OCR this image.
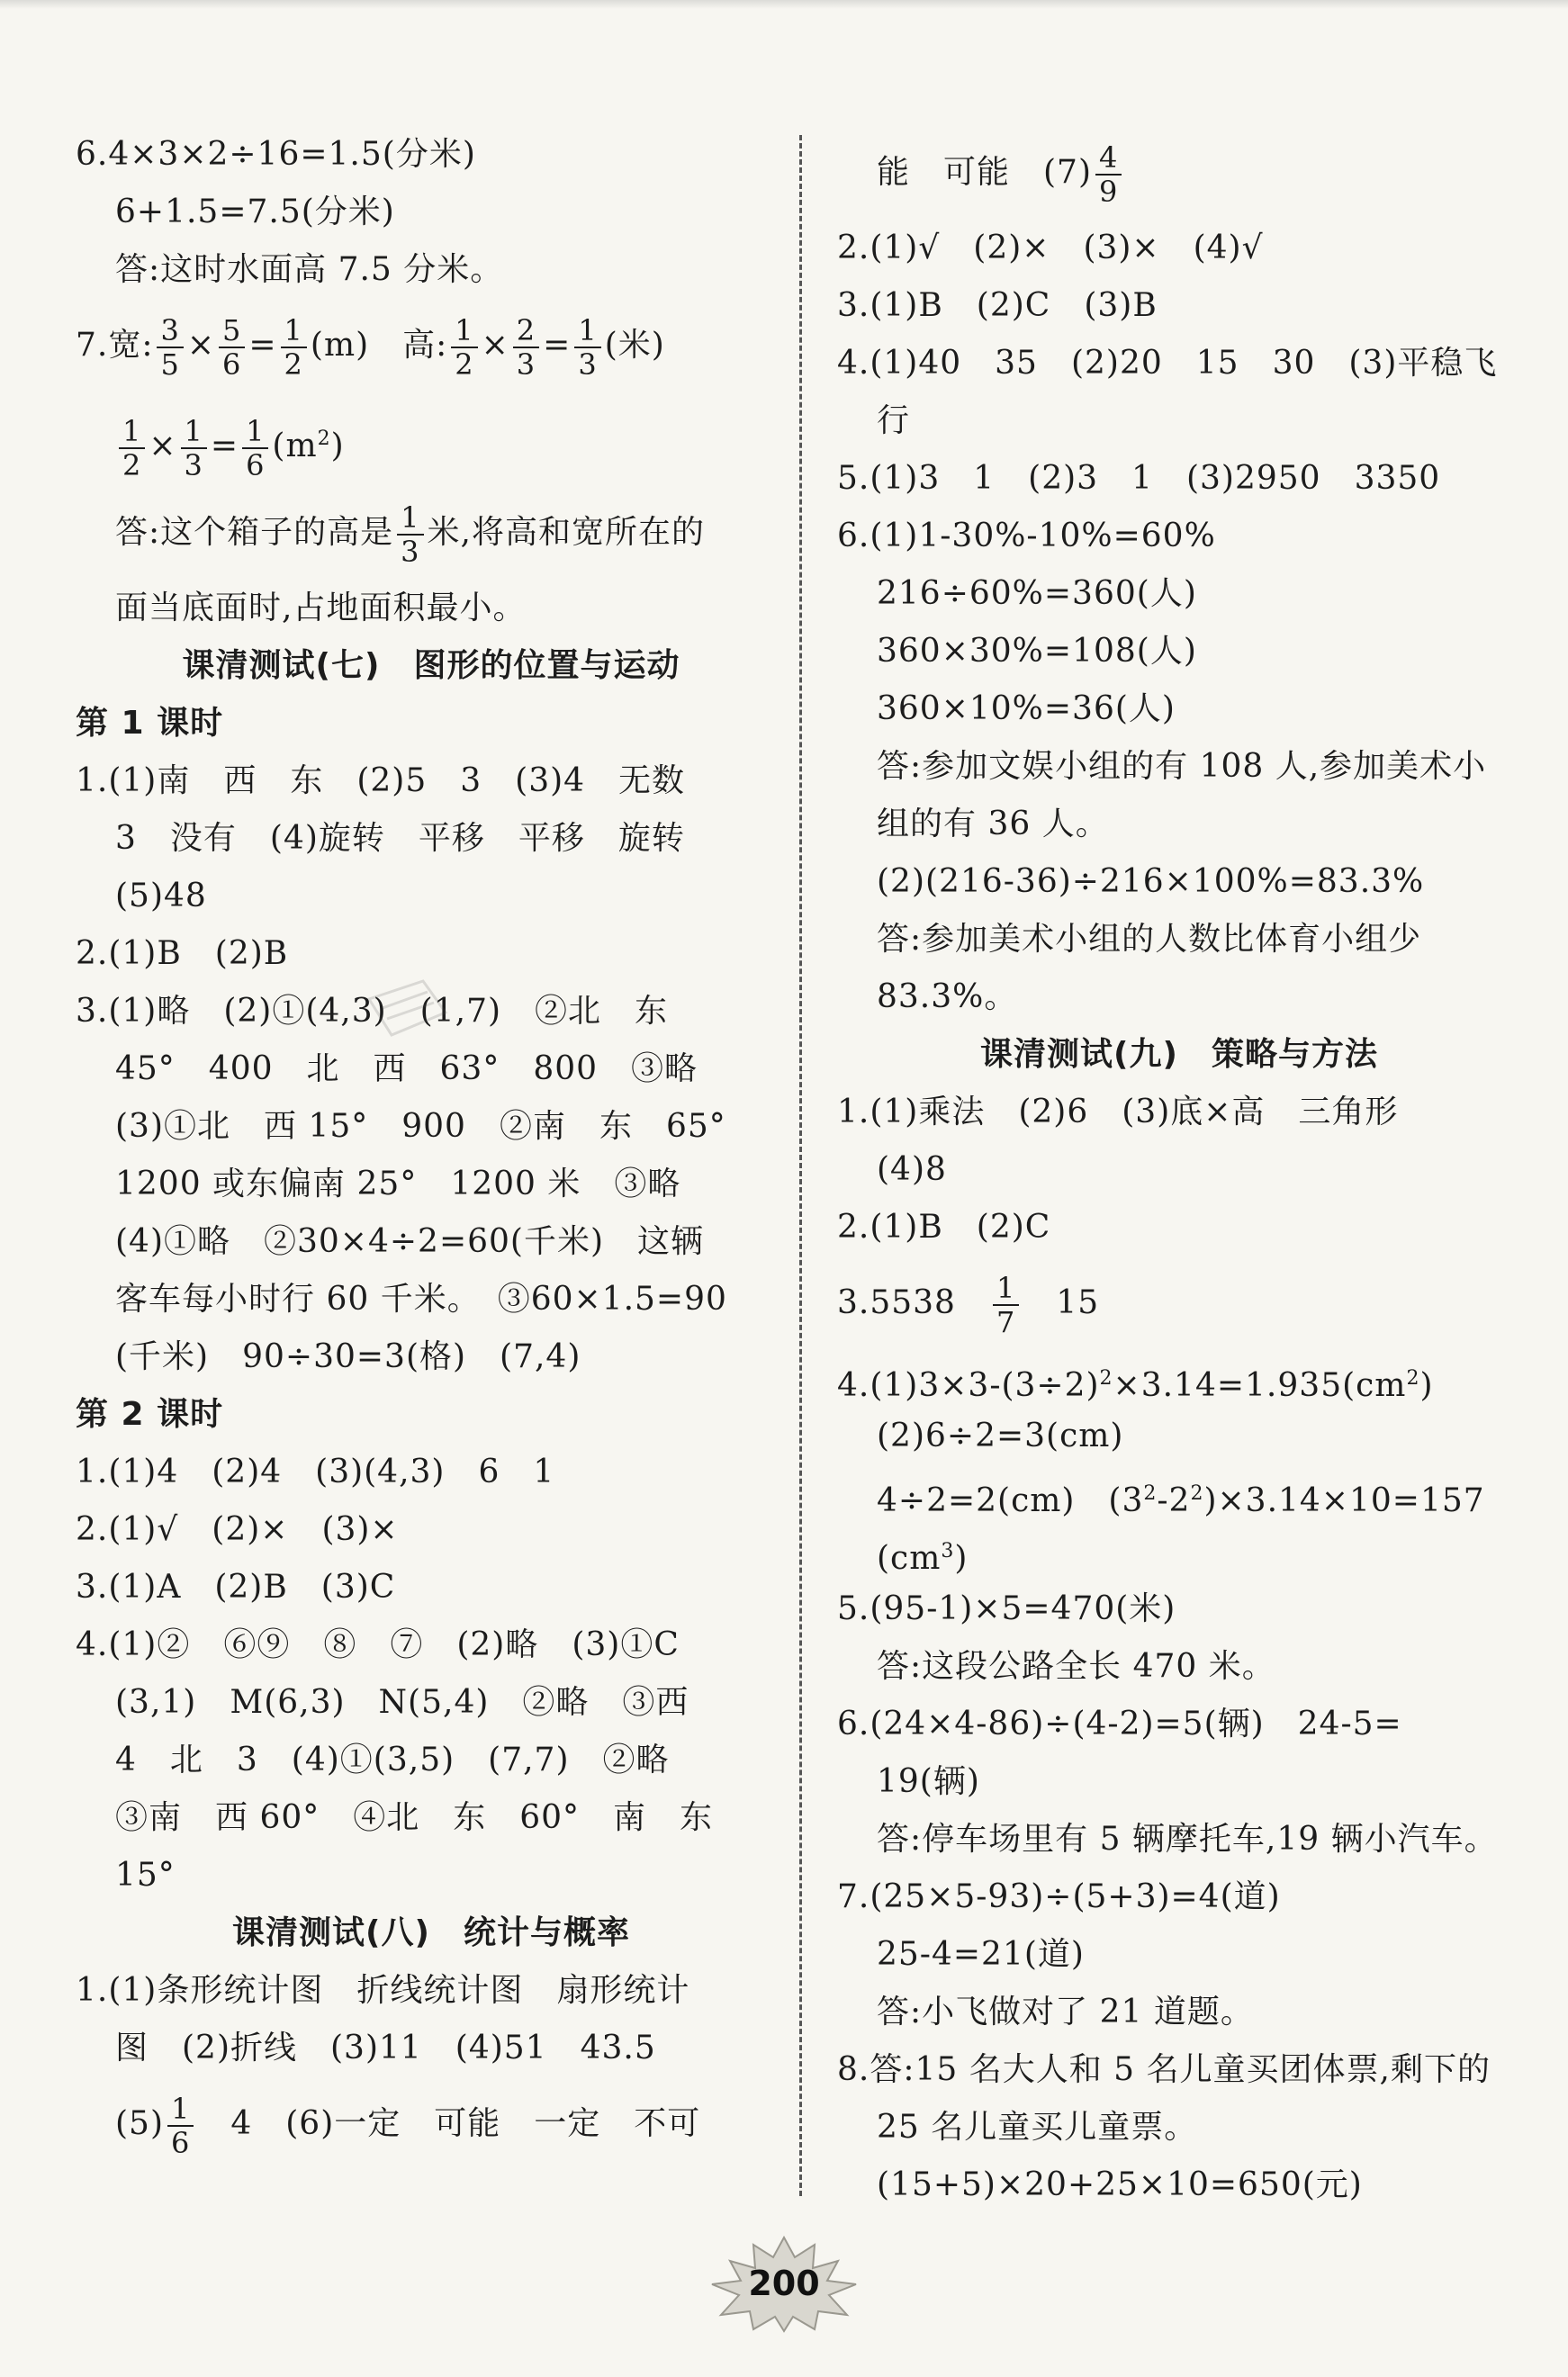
6.4×3×2÷16=1.5(分米)
6+1.5=7.5(分米)
答:这时水面高 7.5 分米。
7.宽: $\frac{3}{5} \times \frac{5}{6} = \frac{1}{2} (m)$　高: $\frac{1}{2} \times \frac{2}{3} = \frac{1}{3}$ (米)
$\frac{1}{2} \times \frac{1}{3} = \frac{1}{6} (m^2)$
答:这个箱子的高是 $\frac{1}{3}$ 米,将高和宽所在的
面当底面时,占地面积最小。
课清测试(七)　图形的位置与运动
第 1 课时
1.(1)南　西　东　(2)5　3　(3)4　无数
3　没有　(4)旋转　平移　平移　旋转
(5)48
2.(1)B　(2)B
3.(1)略　(2)①(4,3)　(1,7)　②北　东
45°　400　北　西　63°　800　③略
(3)①北　西 15°　900　②南　东　65°
1200 或东偏南 25°　1200 米　③略
(4)①略　②30×4÷2=60(千米)　这辆
客车每小时行 60 千米。　③60×1.5=90
(千米)　90÷30=3(格)　(7,4)
第 2 课时
1.(1)4　(2)4　(3)(4,3)　6　1
2.(1)√　(2)×　(3)×
3.(1)A　(2)B　(3)C
4.(1)②　⑥⑨　⑧　⑦　(2)略　(3)①C
(3,1)　M(6,3)　N(5,4)　②略　③西
4　北　3　(4)①(3,5)　(7,7)　②略
③南　西 60°　④北　东　60°　南　东
15°
课清测试(八)　统计与概率
1.(1)条形统计图　折线统计图　扇形统计
图　(2)折线　(3)11　(4)51　43.5
$(5) \frac{1}{6}$ 　4　(6)一定　可能　一定　不可
能　可能　$(7) \frac{4}{9}$
2.(1)√　(2)×　(3)×　(4)√
3.(1)B　(2)C　(3)B
4.(1)40　35　(2)20　15　30　(3)平稳飞
行
5.(1)3　1　(2)3　1　(3)2950　3350
6.(1)1-30%-10%=60%
216÷60%=360(人)
360×30%=108(人)
360×10%=36(人)
答:参加文娱小组的有 108 人,参加美术小
组的有 36 人。
(2)(216-36)÷216×100%=83.3%
答:参加美术小组的人数比体育小组少
83.3%。
课清测试(九)　策略与方法
1.(1)乘法　(2)6　(3)底×高　三角形
(4)8
2.(1)B　(2)C
3.5538　 $\frac{1}{7}$ 　15
$4.(1)3\times 3-(3\div 2)^2\times 3.14=1.935(cm^2)$
(2)6÷2=3(cm)
4÷2=2(cm)　$(3^2-2^2)\times 3.14\times 10=157$
$(cm^3)$
5.(95-1)×5=470(米)
答:这段公路全长 470 米。
6.(24×4-86)÷(4-2)=5(辆)　24-5=
19(辆)
答:停车场里有 5 辆摩托车,19 辆小汽车。
7.(25×5-93)÷(5+3)=4(道)
25-4=21(道)
答:小飞做对了 21 道题。
8.答:15 名大人和 5 名儿童买团体票,剩下的
25 名儿童买儿童票。
(15+5)×20+25×10=650(元)
200
